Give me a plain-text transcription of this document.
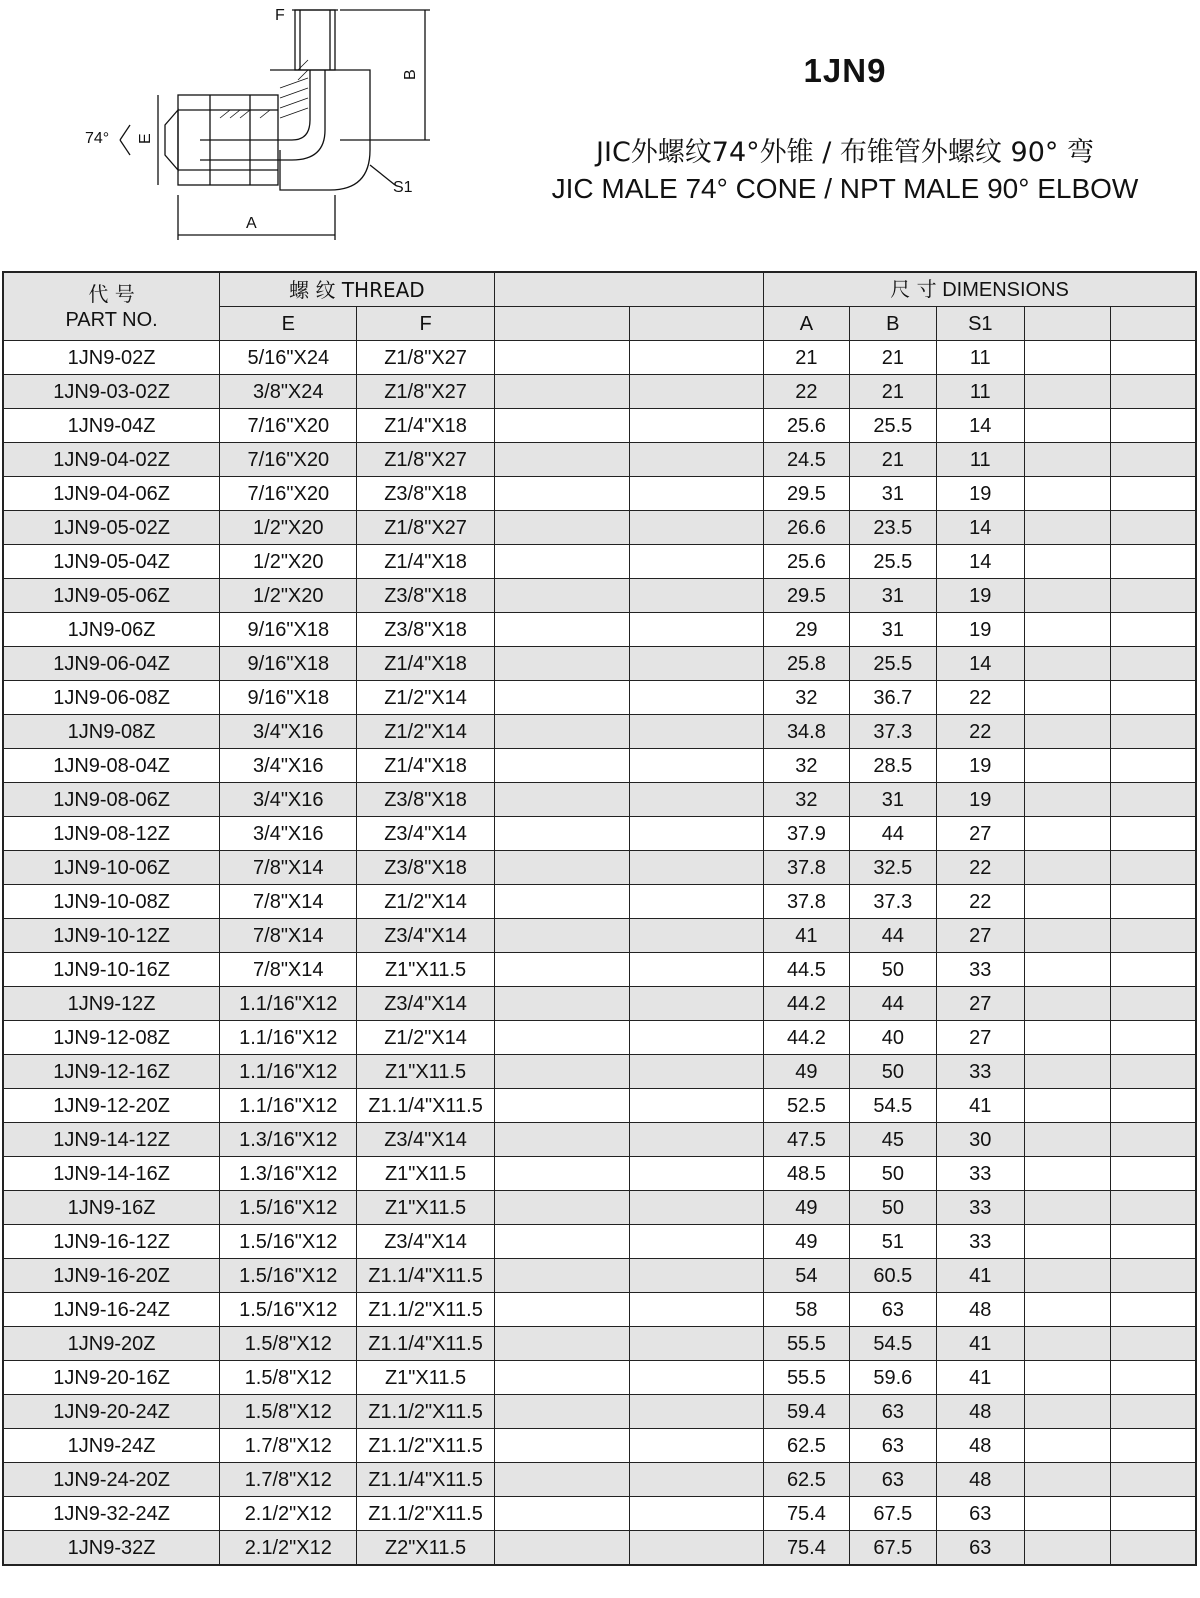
F
B
E
A
S1
74°
1JN9
JIC外螺纹74°外锥 / 布锥管外螺纹 90° 弯
JIC MALE 74° CONE / NPT MALE 90° ELBOW
代 号
PART NO.	螺 纹 THREAD				尺 寸 DIMENSIONS				
	E	F			A	B	S1		
1JN9-02Z	5/16"X24	Z1/8"X27			21	21	11		
1JN9-03-02Z	3/8"X24	Z1/8"X27			22	21	11		
1JN9-04Z	7/16"X20	Z1/4"X18			25.6	25.5	14		
1JN9-04-02Z	7/16"X20	Z1/8"X27			24.5	21	11		
1JN9-04-06Z	7/16"X20	Z3/8"X18			29.5	31	19		
1JN9-05-02Z	1/2"X20	Z1/8"X27			26.6	23.5	14		
1JN9-05-04Z	1/2"X20	Z1/4"X18			25.6	25.5	14		
1JN9-05-06Z	1/2"X20	Z3/8"X18			29.5	31	19		
1JN9-06Z	9/16"X18	Z3/8"X18			29	31	19		
1JN9-06-04Z	9/16"X18	Z1/4"X18			25.8	25.5	14		
1JN9-06-08Z	9/16"X18	Z1/2"X14			32	36.7	22		
1JN9-08Z	3/4"X16	Z1/2"X14			34.8	37.3	22		
1JN9-08-04Z	3/4"X16	Z1/4"X18			32	28.5	19		
1JN9-08-06Z	3/4"X16	Z3/8"X18			32	31	19		
1JN9-08-12Z	3/4"X16	Z3/4"X14			37.9	44	27		
1JN9-10-06Z	7/8"X14	Z3/8"X18			37.8	32.5	22		
1JN9-10-08Z	7/8"X14	Z1/2"X14			37.8	37.3	22		
1JN9-10-12Z	7/8"X14	Z3/4"X14			41	44	27		
1JN9-10-16Z	7/8"X14	Z1"X11.5			44.5	50	33		
1JN9-12Z	1.1/16"X12	Z3/4"X14			44.2	44	27		
1JN9-12-08Z	1.1/16"X12	Z1/2"X14			44.2	40	27		
1JN9-12-16Z	1.1/16"X12	Z1"X11.5			49	50	33		
1JN9-12-20Z	1.1/16"X12	Z1.1/4"X11.5			52.5	54.5	41		
1JN9-14-12Z	1.3/16"X12	Z3/4"X14			47.5	45	30		
1JN9-14-16Z	1.3/16"X12	Z1"X11.5			48.5	50	33		
1JN9-16Z	1.5/16"X12	Z1"X11.5			49	50	33		
1JN9-16-12Z	1.5/16"X12	Z3/4"X14			49	51	33		
1JN9-16-20Z	1.5/16"X12	Z1.1/4"X11.5			54	60.5	41		
1JN9-16-24Z	1.5/16"X12	Z1.1/2"X11.5			58	63	48		
1JN9-20Z	1.5/8"X12	Z1.1/4"X11.5			55.5	54.5	41		
1JN9-20-16Z	1.5/8"X12	Z1"X11.5			55.5	59.6	41		
1JN9-20-24Z	1.5/8"X12	Z1.1/2"X11.5			59.4	63	48		
1JN9-24Z	1.7/8"X12	Z1.1/2"X11.5			62.5	63	48		
1JN9-24-20Z	1.7/8"X12	Z1.1/4"X11.5			62.5	63	48		
1JN9-32-24Z	2.1/2"X12	Z1.1/2"X11.5			75.4	67.5	63		
1JN9-32Z	2.1/2"X12	Z2"X11.5			75.4	67.5	63		
